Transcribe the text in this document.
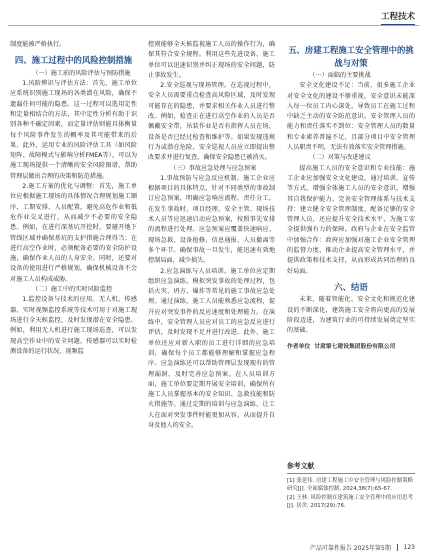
工程技术

制度能被严格执行。

四、施工过程中的风险控制措施

（一）施工前的风险评估与预防措施

1.风险辨识与评估方法：首先，施工单位应系统识别施工现场的各类潜在风险，确保不遗漏任何可能的隐患。这一过程可以选用定性和定量相结合的方法，其中定性分析有助于识别各种不确定因素，而定量评估则能具体衡量每个风险事件发生的概率及其可能带来的后果。此外，运用专业的风险评估工具（如风险矩阵、故障模式与影响分析FMEA等），可以为施工现场提供一个清晰的安全风险图谱，帮助管理层做出合理的决策和防范措施。

2.施工方案的优化与调整：首先，施工单位应根据施工现场的具体情况合理规划施工顺序、工期安排、人员配置，避免高危作业和低危作业交叉进行，从而减少不必要的安全隐患。例如，在进行深基坑开挖时，要避开地下管线区域并确保基坑的支护措施合理得当；在进行高空作业时，必须配备必要的安全防护设施，确保作业人员的人身安全。同时，还要对设备的使用进行严格规划，确保机械设备不会对施工人员构成威胁。

（二）施工中的实时风险监控

1.监控设备与技术的应用。无人机、传感器、实时视频监控系统等技术可用于对施工现场进行全天候监控，及时发现潜在安全隐患。例如，利用无人机进行施工现场巡查，可以发现高空作业中的安全问题，传感器可以实时检测设备的运行状况，视频监

控则能够全天候监视施工人员的操作行为，确保其符合安全规程。利用这些先进设备，施工单位可以迅速识别并纠正现场的安全问题，防止事故发生。

2.安全巡视与现场管理。在巡视过程中，安全人员需要重点检查高风险区域，及时发现可能存在的隐患，并要求相关作业人员进行整改。例如，检查正在进行高空作业的人员是否佩戴安全带，吊装作业是否有指挥人员在场，设备是否已经过检查和维护等。如果发现违规行为或潜在危险，安全巡视人员应立即提出整改要求并进行复查，确保安全隐患已被消灭。

（三）事故应急处理与应急预案

1.事故预防与应急反应机制。施工企业应根据项目的具体特点，针对不同类型的事故制订应急预案，明确应急响应流程、责任分工。在发生事故时，项目经理、安全主管、现场技术人员等应迅速启动应急预案，按照事先安排的流程进行处理。应急预案应覆盖快速响应、现场急救、设备抢修、信息通报、人员撤离等多个环节。确保事故一旦发生，能迅速有效地控制局面，减少损失。

2.应急演练与人员培训。施工单位应定期组织应急演练，模拟突发事故的处理过程，包括火灾、坍方、爆炸等常见的施工事故应急处理。通过演练，施工人员能熟悉应急流程，提升应对突发事件的反应速度和处理能力。在演练中，安全管理人员应对员工的应急反应进行评估，及时发现不足并进行改进。此外，施工单位还应对新入职的员工进行详细的应急培训，确保每个员工都能够理解和掌握应急程序。应急演练还可以帮助管理层发现现有的管理漏洞，及时完善应急预案。在人员培训方面，施工单位要定期开展安全培训，确保所有施工人员掌握基本的安全知识、急救技能和防火措施等。通过定期的培训与应急演练，让工人在面对突发事件时能更加从容，从而提升自身及他人的安全。

五、房建工程施工安全管理中的挑战与对策

（一）面临的主要挑战

安全文化建设不足：当前，很多施工企业对安全文化的建设不够重视，安全意识未能深入每一位员工内心深处。导致员工在施工过程中缺乏主动的安全防范意识。安全管理人员的能力和责任落实不到位：安全管理人员的数量和专业素养普遍不足，且部分项目中安全管理人员职责不明，无法有效落实安全管理措施。

（二）对策与改进建议

提高施工人员的安全意识和专业技能：施工企业应加强安全文化建设，通过培训、宣传等方式，增强全体施工人员的安全意识，增强其自我保护能力。完善安全管理体系与技术支持：建立健全安全管理制度，配备足够的安全管理人员，还应提升安全技术水平，为施工安全提供强有力的保障。政府与企业在安全监管中加强合作：政府应加强对施工企业安全管理的监督力度，推动企业提高安全管理水平，并提供政策和技术支持，从而形成共同治理的良好局面。

六、结语

未来，随着智能化、安全文化和规范化建设的不断深化，建筑施工安全将向更高的发展阶段迈进，为建筑行业的可持续发展奠定坚实的基础。

作者单位 甘肃第七建设集团股份有限公司
参考文献

[1] 张延伟. 房建工程施工中安全管理与风险控制策略研究[J]. 全面腐蚀控制, 2024,38(7):65-67.

[2] 王林. 风险控制在建筑施工安全管理中的应用思考[J]. 居舍, 2017(29):76.

产品可靠性报告 2025年第5期 123
